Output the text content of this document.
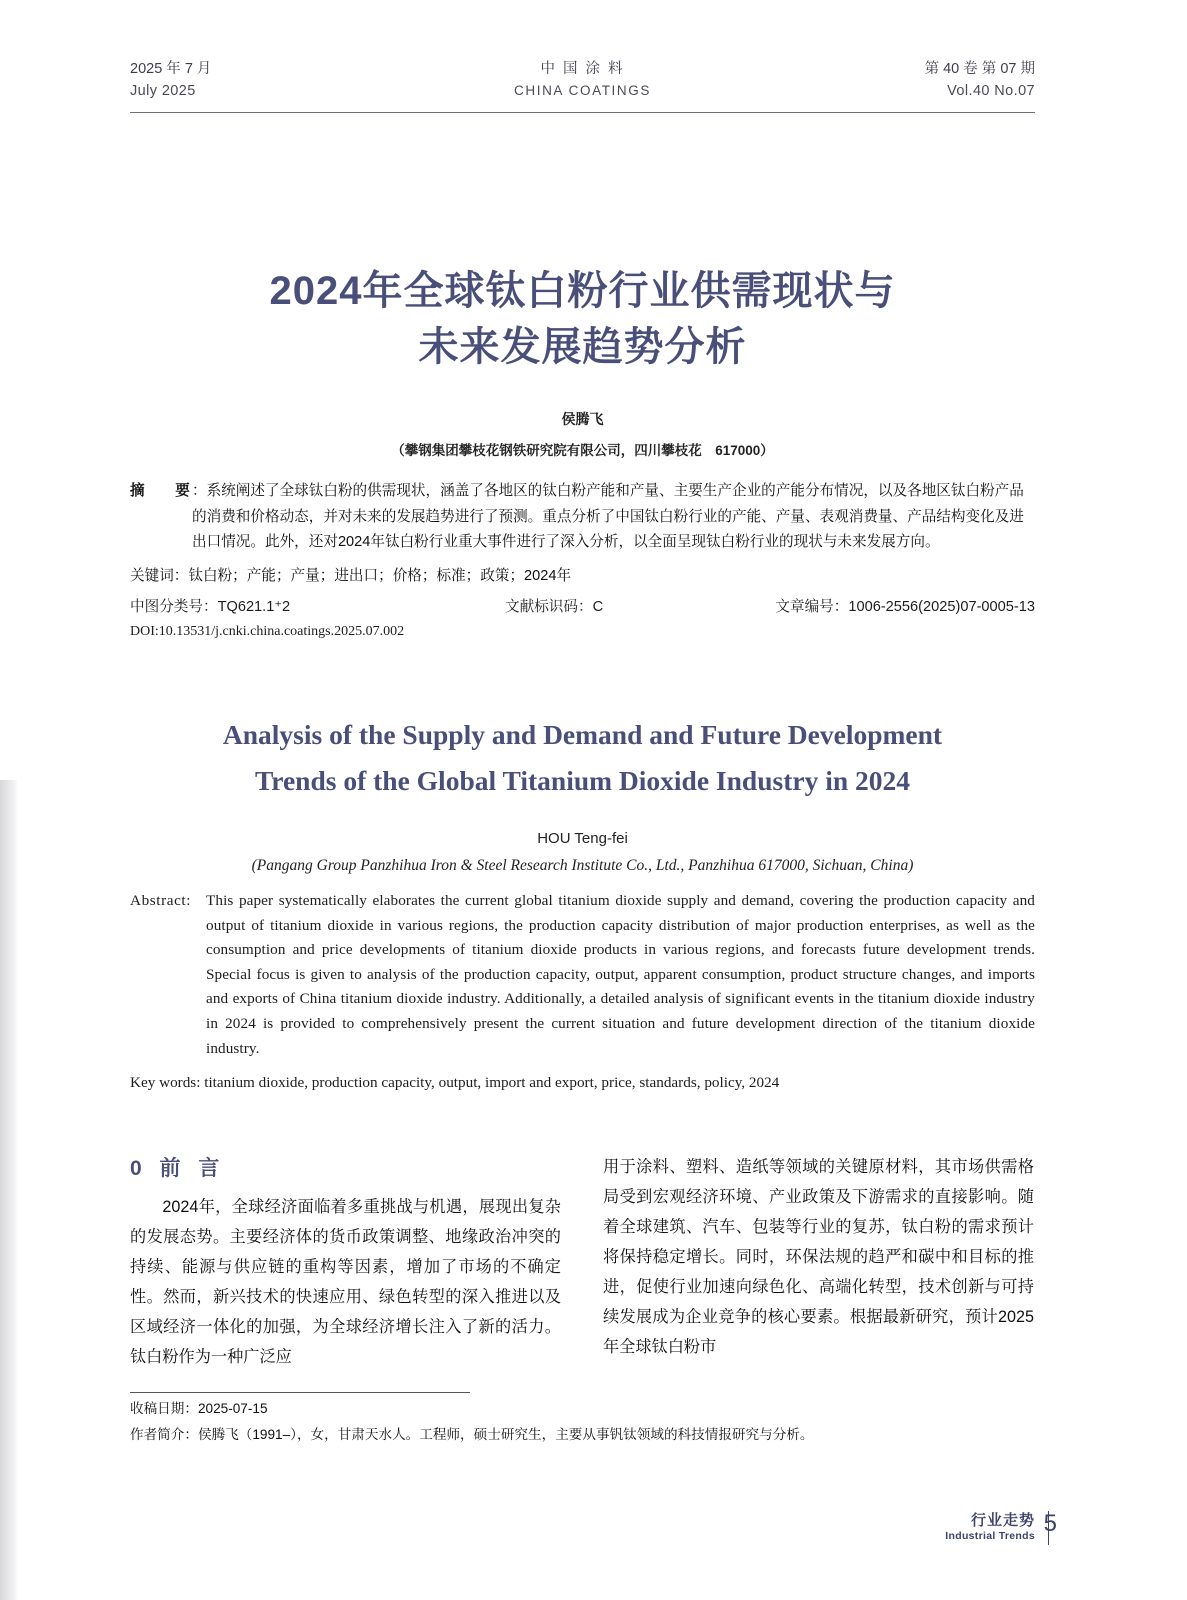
2025 年 7 月
July 2025
中 国 涂 料
CHINA COATINGS
第 40 卷 第 07 期
Vol.40 No.07
2024年全球钛白粉行业供需现状与
未来发展趋势分析
侯腾飞
（攀钢集团攀枝花钢铁研究院有限公司，四川攀枝花　617000）
摘　要
：系统阐述了全球钛白粉的供需现状，涵盖了各地区的钛白粉产能和产量、主要生产企业的产能分布情况，以及各地区钛白粉产品的消费和价格动态，并对未来的发展趋势进行了预测。重点分析了中国钛白粉行业的产能、产量、表观消费量、产品结构变化及进出口情况。此外，还对2024年钛白粉行业重大事件进行了深入分析，以全面呈现钛白粉行业的现状与未来发展方向。
关键词：钛白粉；产能；产量；进出口；价格；标准；政策；2024年
中图分类号：TQ621.1⁺2	文献标识码：C	文章编号：1006-2556(2025)07-0005-13
DOI:10.13531/j.cnki.china.coatings.2025.07.002
Analysis of the Supply and Demand and Future Development
Trends of the Global Titanium Dioxide Industry in 2024
HOU Teng-fei
(Pangang Group Panzhihua Iron & Steel Research Institute Co., Ltd., Panzhihua 617000, Sichuan, China)
Abstract: This paper systematically elaborates the current global titanium dioxide supply and demand, covering the production capacity and output of titanium dioxide in various regions, the production capacity distribution of major production enterprises, as well as the consumption and price developments of titanium dioxide products in various regions, and forecasts future development trends. Special focus is given to analysis of the production capacity, output, apparent consumption, product structure changes, and imports and exports of China titanium dioxide industry. Additionally, a detailed analysis of significant events in the titanium dioxide industry in 2024 is provided to comprehensively present the current situation and future development direction of the titanium dioxide industry.
Key words: titanium dioxide, production capacity, output, import and export, price, standards, policy, 2024
0 前 言
2024年，全球经济面临着多重挑战与机遇，展现出复杂的发展态势。主要经济体的货币政策调整、地缘政治冲突的持续、能源与供应链的重构等因素，增加了市场的不确定性。然而，新兴技术的快速应用、绿色转型的深入推进以及区域经济一体化的加强，为全球经济增长注入了新的活力。钛白粉作为一种广泛应
用于涂料、塑料、造纸等领域的关键原材料，其市场供需格局受到宏观经济环境、产业政策及下游需求的直接影响。随着全球建筑、汽车、包装等行业的复苏，钛白粉的需求预计将保持稳定增长。同时，环保法规的趋严和碳中和目标的推进，促使行业加速向绿色化、高端化转型，技术创新与可持续发展成为企业竞争的核心要素。根据最新研究，预计2025年全球钛白粉市
收稿日期：2025-07-15
作者简介：侯腾飞（1991–），女，甘肃天水人。工程师，硕士研究生，主要从事钒钛领域的科技情报研究与分析。
行业走势
Industrial Trends 5
